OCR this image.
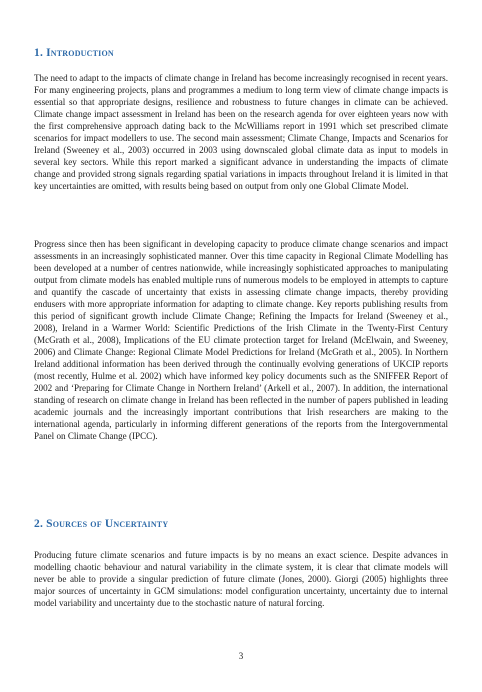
1. Introduction

The need to adapt to the impacts of climate change in Ireland has become increasingly recognised in recent years. For many engineering projects, plans and programmes a medium to long term view of climate change impacts is essential so that appropriate designs, resilience and robustness to future changes in climate can be achieved. Climate change impact assessment in Ireland has been on the research agenda for over eighteen years now with the first comprehensive approach dating back to the McWilliams report in 1991 which set prescribed climate scenarios for impact modellers to use. The second main assessment; Climate Change, Impacts and Scenarios for Ireland (Sweeney et al., 2003) occurred in 2003 using downscaled global climate data as input to models in several key sectors. While this report marked a significant advance in understanding the impacts of climate change and provided strong signals regarding spatial variations in impacts throughout Ireland it is limited in that key uncertainties are omitted, with results being based on output from only one Global Climate Model.

Progress since then has been significant in developing capacity to produce climate change scenarios and impact assessments in an increasingly sophisticated manner. Over this time capacity in Regional Climate Modelling has been developed at a number of centres nationwide, while increasingly sophisticated approaches to manipulating output from climate models has enabled multiple runs of numerous models to be employed in attempts to capture and quantify the cascade of uncertainty that exists in assessing climate change impacts, thereby providing endusers with more appropriate information for adapting to climate change. Key reports publishing results from this period of significant growth include Climate Change; Refining the Impacts for Ireland (Sweeney et al., 2008), Ireland in a Warmer World: Scientific Predictions of the Irish Climate in the Twenty-First Century (McGrath et al., 2008), Implications of the EU climate protection target for Ireland (McElwain, and Sweeney, 2006) and Climate Change: Regional Climate Model Predictions for Ireland (McGrath et al., 2005). In Northern Ireland additional information has been derived through the continually evolving generations of UKCIP reports (most recently, Hulme et al. 2002) which have informed key policy documents such as the SNIFFER Report of 2002 and ‘Preparing for Climate Change in Northern Ireland’ (Arkell et al., 2007). In addition, the international standing of research on climate change in Ireland has been reflected in the number of papers published in leading academic journals and the increasingly important contributions that Irish researchers are making to the international agenda, particularly in informing different generations of the reports from the Intergovernmental Panel on Climate Change (IPCC).

2. Sources of Uncertainty

Producing future climate scenarios and future impacts is by no means an exact science. Despite advances in modelling chaotic behaviour and natural variability in the climate system, it is clear that climate models will never be able to provide a singular prediction of future climate (Jones, 2000). Giorgi (2005) highlights three major sources of uncertainty in GCM simulations: model configuration uncertainty, uncertainty due to internal model variability and uncertainty due to the stochastic nature of natural forcing.

3
